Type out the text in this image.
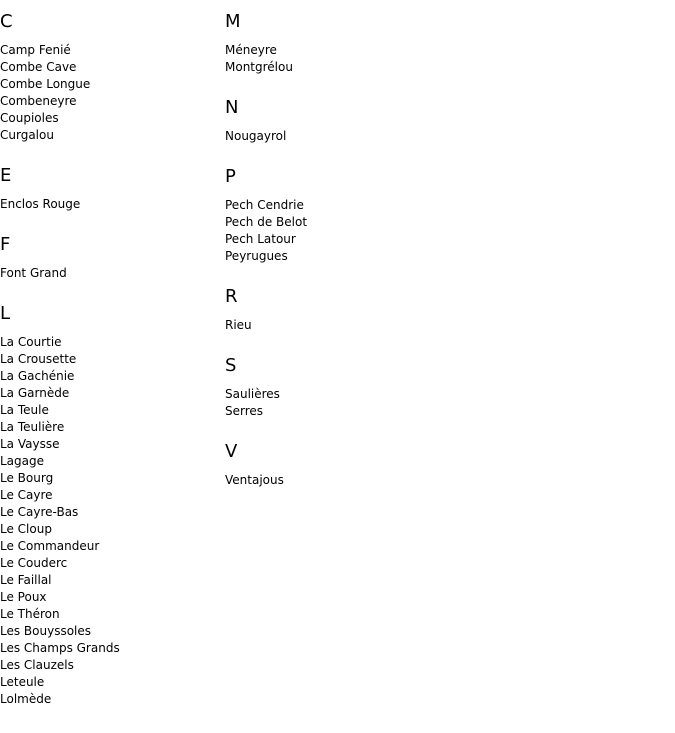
C
Camp Fenié
Combe Cave
Combe Longue
Combeneyre
Coupioles
Curgalou
E
Enclos Rouge
F
Font Grand
L
La Courtie
La Crousette
La Gachénie
La Garnède
La Teule
La Teulière
La Vaysse
Lagage
Le Bourg
Le Cayre
Le Cayre-Bas
Le Cloup
Le Commandeur
Le Couderc
Le Faillal
Le Poux
Le Théron
Les Bouyssoles
Les Champs Grands
Les Clauzels
Leteule
Lolmède
M
Méneyre
Montgrélou
N
Nougayrol
P
Pech Cendrie
Pech de Belot
Pech Latour
Peyrugues
R
Rieu
S
Saulières
Serres
V
Ventajous
